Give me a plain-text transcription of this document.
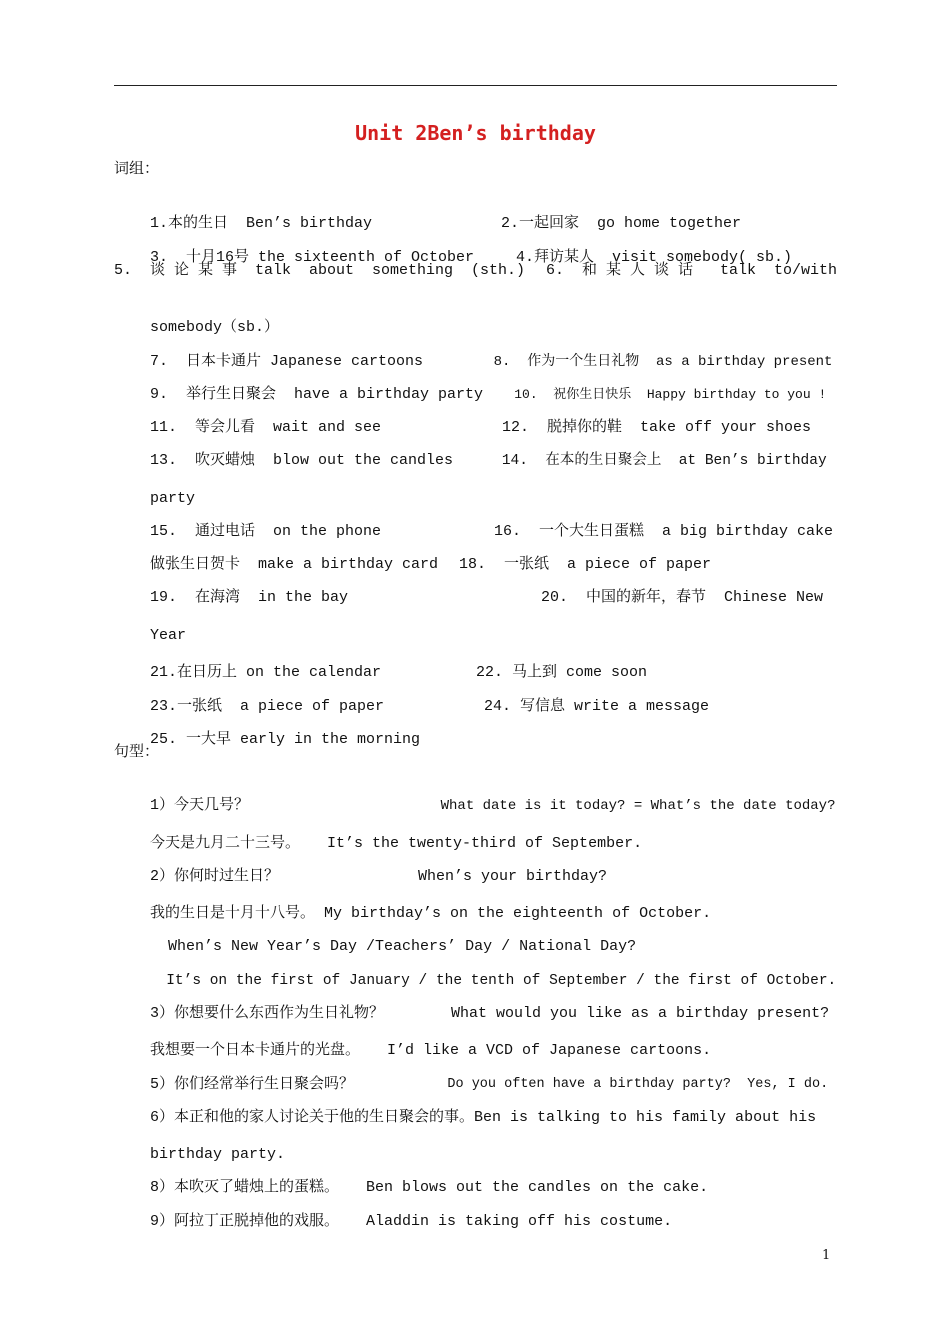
Unit 2Ben’s birthday
词组：

1.本的生日  Ben’s birthday
	2.一起回家  go home together

3.  十月16号 the sixteenth of October
	4.拜访某人  visit somebody( sb.)

5.  谈 论 某 事  talk  about  something  (sth.) 6.  和 某 人 谈 话   talk  to/with

somebody（sb.）

7.  日本卡通片 Japanese cartoons
	8.  作为一个生日礼物  as a birthday present

9.  举行生日聚会  have a birthday party
	10.  祝你生日快乐  Happy birthday to you !

11.  等会儿看  wait and see
	12.  脱掉你的鞋  take off your shoes

13.  吹灭蜡烛  blow out the candles
	14.  在本的生日聚会上  at Ben’s birthday

party

15.  通过电话  on the phone
	16.  一个大生日蛋糕  a big birthday cake

做张生日贺卡  make a birthday card
	18.  一张纸  a piece of paper

19.  在海湾  in the bay
	20.  中国的新年，春节  Chinese New

Year

21.在日历上 on the calendar
	22. 马上到 come soon

23.一张纸  a piece of paper
	24. 写信息 write a message

25. 一大早 early in the morning

句型：

1）今天几号？
	What date is it today? = What’s the date today?

今天是九月二十三号。   It’s the twenty-third of September.

2）你何时过生日？
	When’s your birthday?

我的生日是十月十八号。 My birthday’s on the eighteenth of October.

When’s New Year’s Day /Teachers’ Day / National Day?

It’s on the first of January / the tenth of September / the first of October.

3）你想要什么东西作为生日礼物？
	What would you like as a birthday present?

我想要一个日本卡通片的光盘。   I’d like a VCD of Japanese cartoons.

5）你们经常举行生日聚会吗？
	Do you often have a birthday party?  Yes, I do.

6）本正和他的家人讨论关于他的生日聚会的事。Ben is talking to his family about his

birthday party.

8）本吹灭了蜡烛上的蛋糕。   Ben blows out the candles on the cake.

9）阿拉丁正脱掉他的戏服。   Aladdin is taking off his costume.

1
